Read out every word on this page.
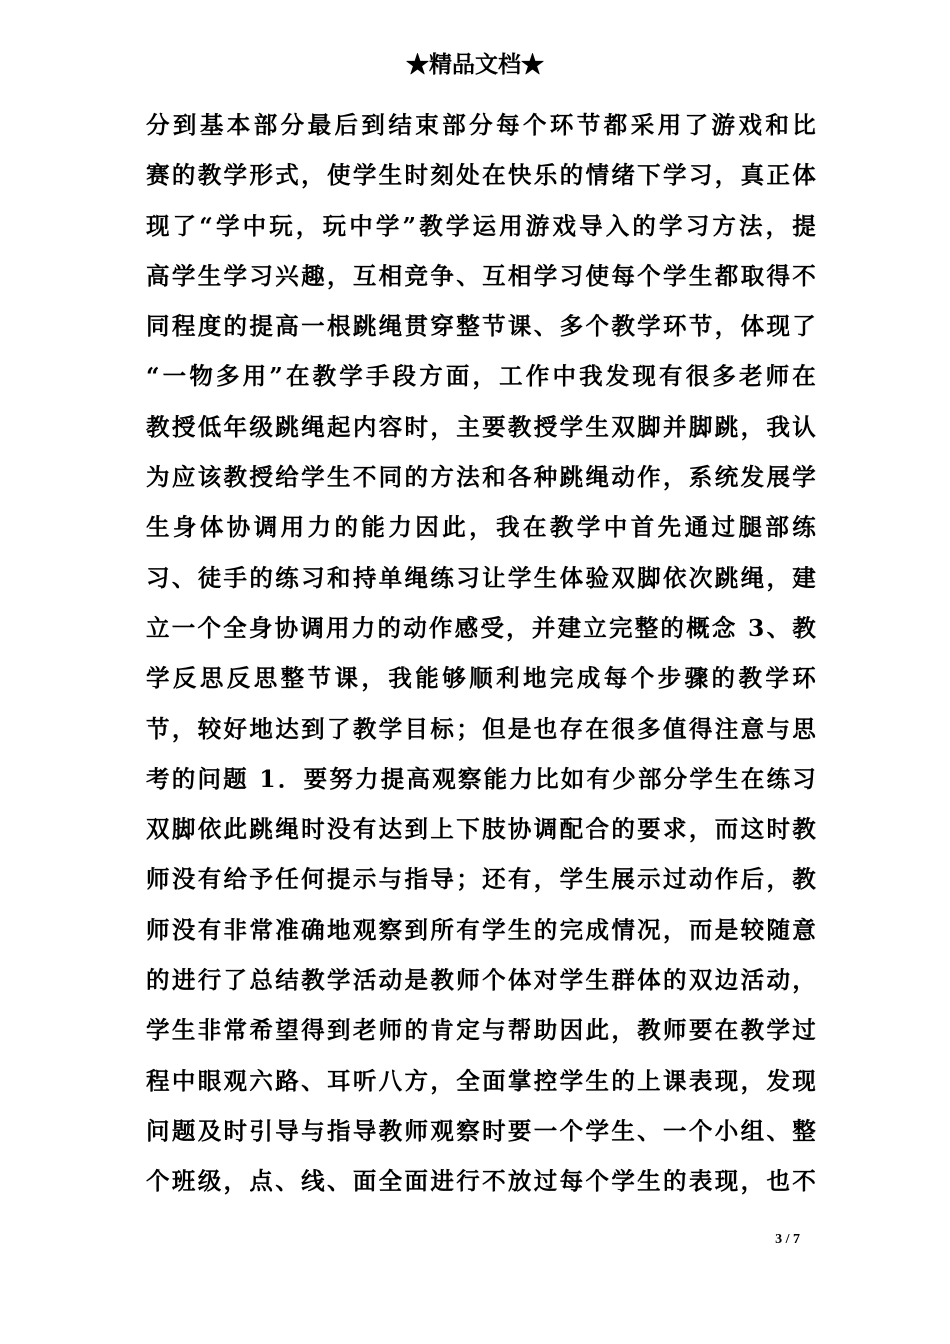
★精品文档★
分到基本部分最后到结束部分每个环节都采用了游戏和比
赛的教学形式，使学生时刻处在快乐的情绪下学习，真正体
现了“学中玩，玩中学”教学运用游戏导入的学习方法，提
高学生学习兴趣，互相竞争、互相学习使每个学生都取得不
同程度的提高一根跳绳贯穿整节课、多个教学环节，体现了
“一物多用”在教学手段方面，工作中我发现有很多老师在
教授低年级跳绳起内容时，主要教授学生双脚并脚跳，我认
为应该教授给学生不同的方法和各种跳绳动作，系统发展学
生身体协调用力的能力因此，我在教学中首先通过腿部练
习、徒手的练习和持单绳练习让学生体验双脚依次跳绳，建
立一个全身协调用力的动作感受，并建立完整的概念 3、教
学反思反思整节课，我能够顺利地完成每个步骤的教学环
节，较好地达到了教学目标；但是也存在很多值得注意与思
考的问题 1．要努力提高观察能力比如有少部分学生在练习
双脚依此跳绳时没有达到上下肢协调配合的要求，而这时教
师没有给予任何提示与指导；还有，学生展示过动作后，教
师没有非常准确地观察到所有学生的完成情况，而是较随意
的进行了总结教学活动是教师个体对学生群体的双边活动，
学生非常希望得到老师的肯定与帮助因此，教师要在教学过
程中眼观六路、耳听八方，全面掌控学生的上课表现，发现
问题及时引导与指导教师观察时要一个学生、一个小组、整
个班级，点、线、面全面进行不放过每个学生的表现，也不
3 / 7
